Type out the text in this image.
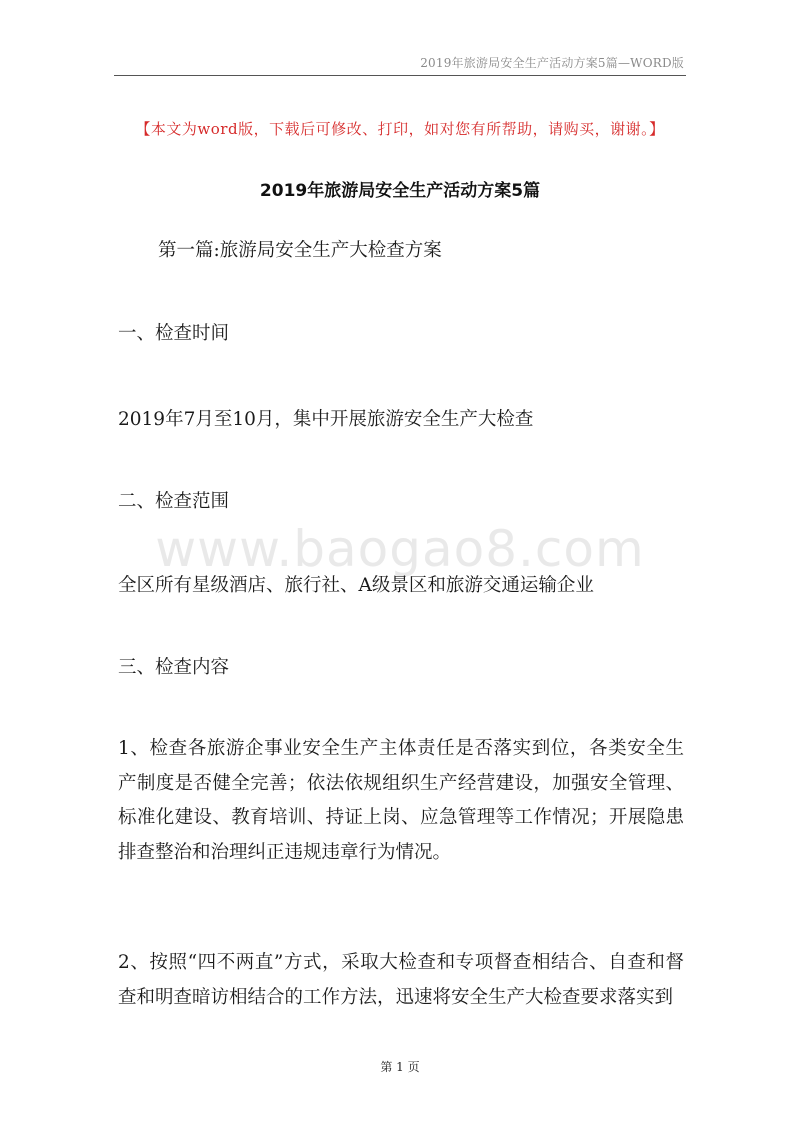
2019年旅游局安全生产活动方案5篇—WORD版
【本文为word版，下载后可修改、打印，如对您有所帮助，请购买，谢谢。】
2019年旅游局安全生产活动方案5篇
第一篇:旅游局安全生产大检查方案
一、检查时间
2019年7月至10月，集中开展旅游安全生产大检查
二、检查范围
www.baogao8.com
全区所有星级酒店、旅行社、A级景区和旅游交通运输企业
三、检查内容
1、检查各旅游企事业安全生产主体责任是否落实到位，各类安全生产制度是否健全完善；依法依规组织生产经营建设，加强安全管理、标准化建设、教育培训、持证上岗、应急管理等工作情况；开展隐患排查整治和治理纠正违规违章行为情况。
2、按照“四不两直”方式，采取大检查和专项督查相结合、自查和督查和明查暗访相结合的工作方法，迅速将安全生产大检查要求落实到
第 1 页
